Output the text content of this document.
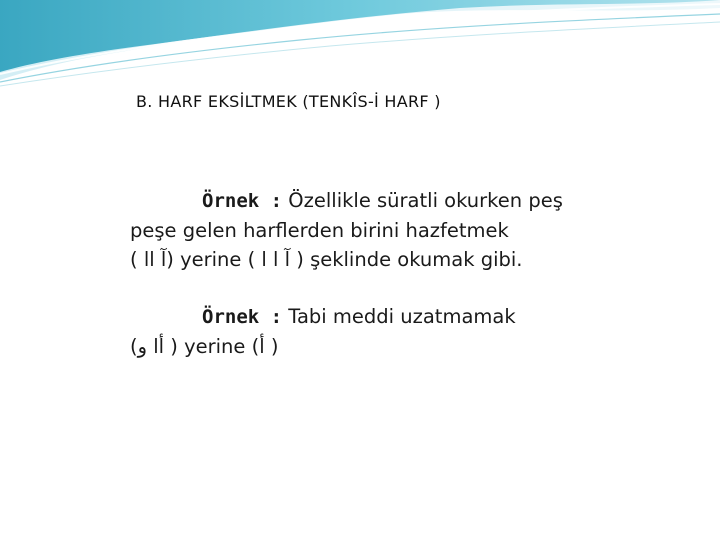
B. HARF EKSİLTMEK (TENKÎS-İ HARF )
Örnek : Özellikle süratli okurken peş
peşe gelen harflerden birini hazfetmek
( آ اا) yerine ( آ ا ا ) şeklinde okumak gibi.
Örnek : Tabi meddi uzatmamak
(أ‌ا و ) yerine (أ )
